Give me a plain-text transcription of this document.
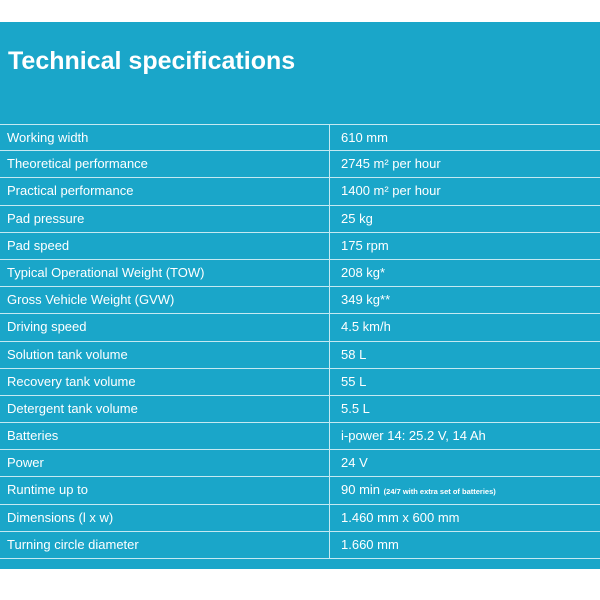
Technical specifications
Working width	610 mm
Theoretical performance	2745 m² per hour
Practical performance	1400 m² per hour
Pad pressure	25 kg
Pad speed	175 rpm
Typical Operational Weight (TOW)	208 kg*
Gross Vehicle Weight (GVW)	349 kg**
Driving speed	4.5 km/h
Solution tank volume	58 L
Recovery tank volume	55 L
Detergent tank volume	5.5 L
Batteries	i-power 14: 25.2 V, 14 Ah
Power	24 V
Runtime up to	90 min (24/7 with extra set of batteries)
Dimensions (l x w)	1.460 mm x 600 mm
Turning circle diameter	1.660 mm
